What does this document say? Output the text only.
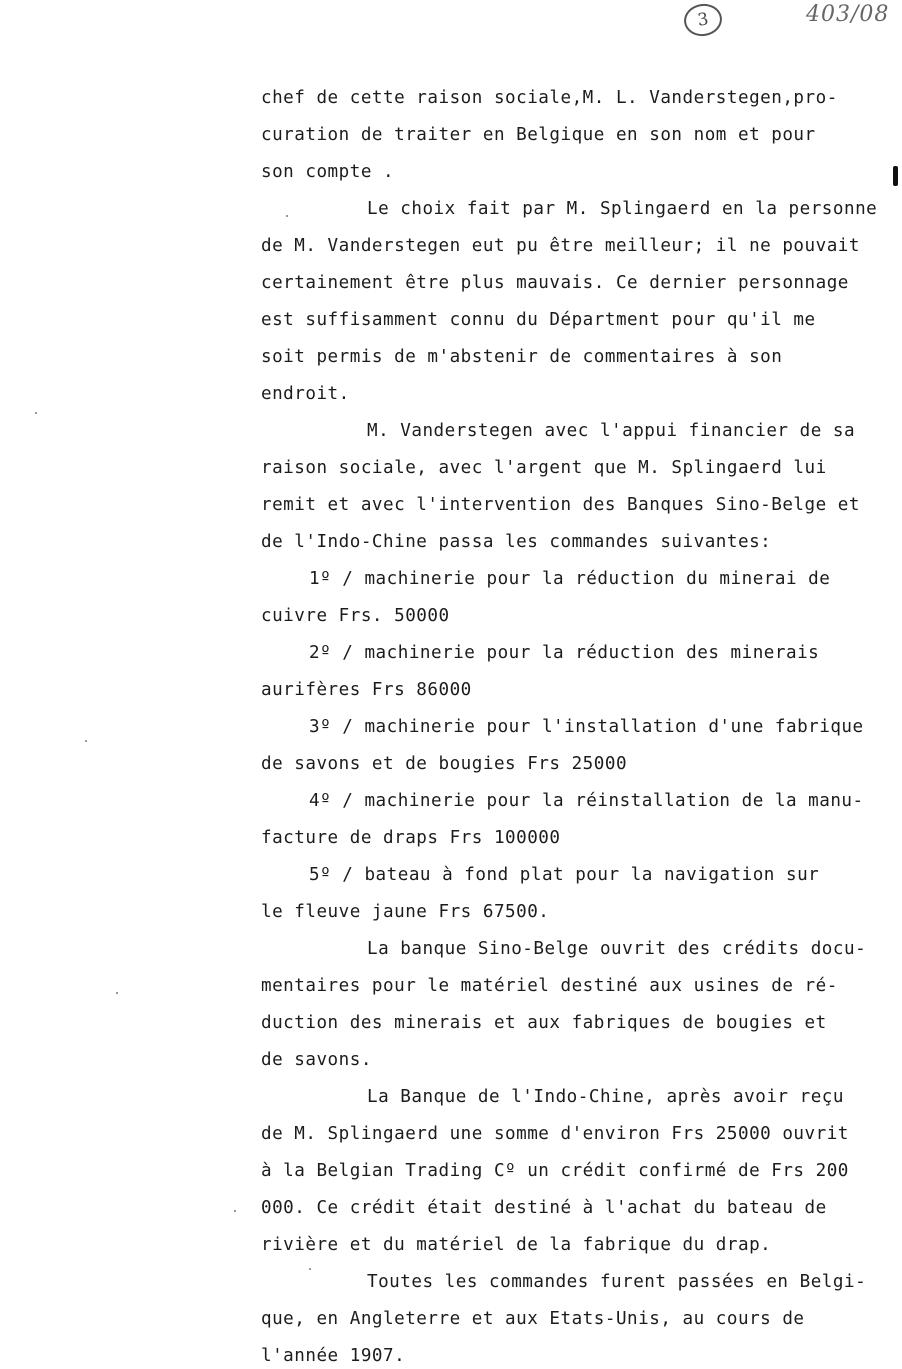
3	403/08
chef de cette raison sociale,M. L. Vanderstegen,pro-
curation de traiter en Belgique en son nom et pour
son compte .
Le choix fait par M. Splingaerd en la personne
de M. Vanderstegen eut pu être meilleur; il ne pouvait
certainement être plus mauvais. Ce dernier personnage
est suffisamment connu du Départment pour qu'il me
soit permis de m'abstenir de commentaires à son
endroit.
M. Vanderstegen avec l'appui financier de sa
raison sociale, avec l'argent que M. Splingaerd lui
remit et avec l'intervention des Banques Sino-Belge et
de l'Indo-Chine passa les commandes suivantes:
1º / machinerie pour la réduction du minerai de
cuivre Frs. 50000
2º / machinerie pour la réduction des minerais
aurifères Frs 86000
3º / machinerie pour l'installation d'une fabrique
de savons et de bougies Frs 25000
4º / machinerie pour la réinstallation de la manu-
facture de draps Frs 100000
5º / bateau à fond plat pour la navigation sur
le fleuve jaune Frs 67500.
La banque Sino-Belge ouvrit des crédits docu-
mentaires pour le matériel destiné aux usines de ré-
duction des minerais et aux fabriques de bougies et
de savons.
La Banque de l'Indo-Chine, après avoir reçu
de M. Splingaerd une somme d'environ Frs 25000 ouvrit
à la Belgian Trading Cº un crédit confirmé de Frs 200
000. Ce crédit était destiné à l'achat du bateau de
rivière et du matériel de la fabrique du drap.
Toutes les commandes furent passées en Belgi-
que, en Angleterre et aux Etats-Unis, au cours de
l'année 1907.
